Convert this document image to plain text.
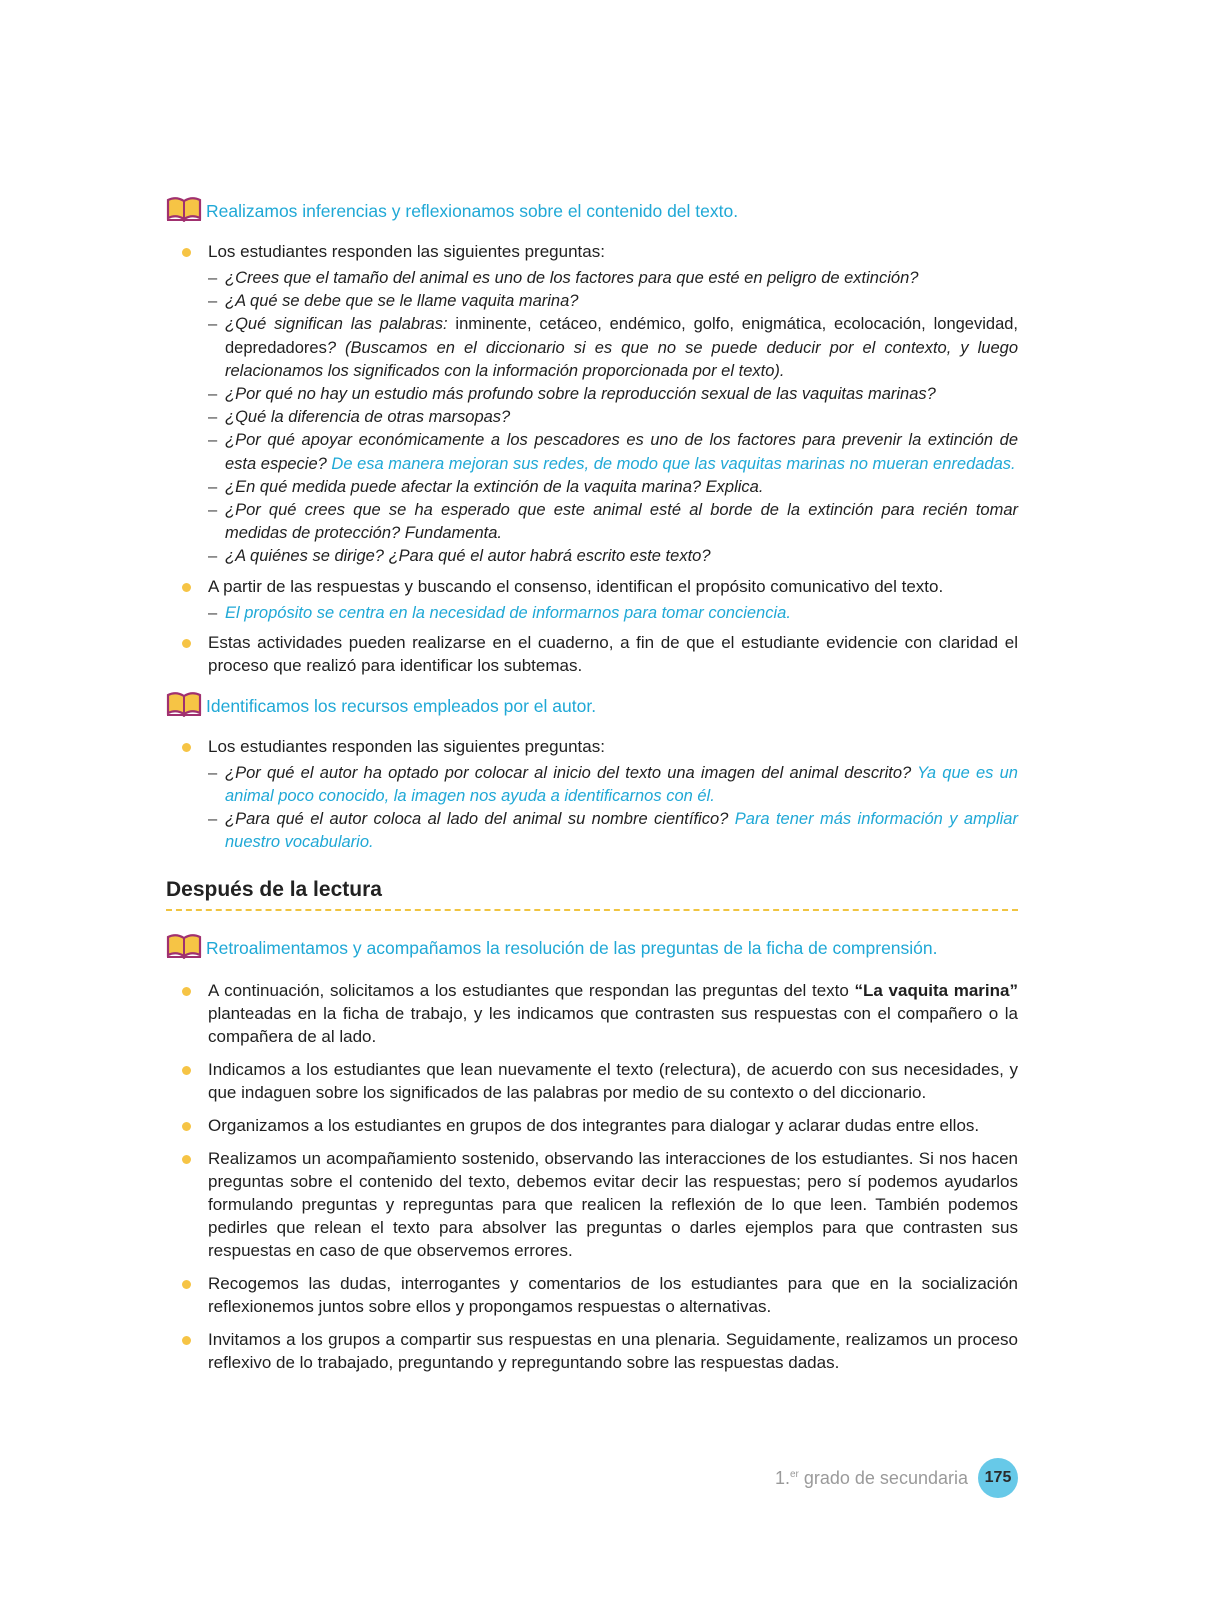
Realizamos inferencias y reflexionamos sobre el contenido del texto.
Los estudiantes responden las siguientes preguntas:
– ¿Crees que el tamaño del animal es uno de los factores para que esté en peligro de extinción?
– ¿A qué se debe que se le llame vaquita marina?
– ¿Qué significan las palabras: inminente, cetáceo, endémico, golfo, enigmática, ecolocación, longevidad, depredadores? (Buscamos en el diccionario si es que no se puede deducir por el contexto, y luego relacionamos los significados con la información proporcionada por el texto).
– ¿Por qué no hay un estudio más profundo sobre la reproducción sexual de las vaquitas marinas?
– ¿Qué la diferencia de otras marsopas?
– ¿Por qué apoyar económicamente a los pescadores es uno de los factores para prevenir la extinción de esta especie? De esa manera mejoran sus redes, de modo que las vaquitas marinas no mueran enredadas.
– ¿En qué medida puede afectar la extinción de la vaquita marina? Explica.
– ¿Por qué crees que se ha esperado que este animal esté al borde de la extinción para recién tomar medidas de protección? Fundamenta.
– ¿A quiénes se dirige? ¿Para qué el autor habrá escrito este texto?
A partir de las respuestas y buscando el consenso, identifican el propósito comunicativo del texto.
– El propósito se centra en la necesidad de informarnos para tomar conciencia.
Estas actividades pueden realizarse en el cuaderno, a fin de que el estudiante evidencie con claridad el proceso que realizó para identificar los subtemas.
Identificamos los recursos empleados por el autor.
Los estudiantes responden las siguientes preguntas:
– ¿Por qué el autor ha optado por colocar al inicio del texto una imagen del animal descrito? Ya que es un animal poco conocido, la imagen nos ayuda a identificarnos con él.
– ¿Para qué el autor coloca al lado del animal su nombre científico? Para tener más información y ampliar nuestro vocabulario.
Después de la lectura
Retroalimentamos y acompañamos la resolución de las preguntas de la ficha de comprensión.
A continuación, solicitamos a los estudiantes que respondan las preguntas del texto “La vaquita marina” planteadas en la ficha de trabajo, y les indicamos que contrasten sus respuestas con el compañero o la compañera de al lado.
Indicamos a los estudiantes que lean nuevamente el texto (relectura), de acuerdo con sus necesidades, y que indaguen sobre los significados de las palabras por medio de su contexto o del diccionario.
Organizamos a los estudiantes en grupos de dos integrantes para dialogar y aclarar dudas entre ellos.
Realizamos un acompañamiento sostenido, observando las interacciones de los estudiantes. Si nos hacen preguntas sobre el contenido del texto, debemos evitar decir las respuestas; pero sí podemos ayudarlos formulando preguntas y repreguntas para que realicen la reflexión de lo que leen. También podemos pedirles que relean el texto para absolver las preguntas o darles ejemplos para que contrasten sus respuestas en caso de que observemos errores.
Recogemos las dudas, interrogantes y comentarios de los estudiantes para que en la socialización reflexionemos juntos sobre ellos y propongamos respuestas o alternativas.
Invitamos a los grupos a compartir sus respuestas en una plenaria. Seguidamente, realizamos un proceso reflexivo de lo trabajado, preguntando y repreguntando sobre las respuestas dadas.
1.$^{er}$ grado de secundaria	175
